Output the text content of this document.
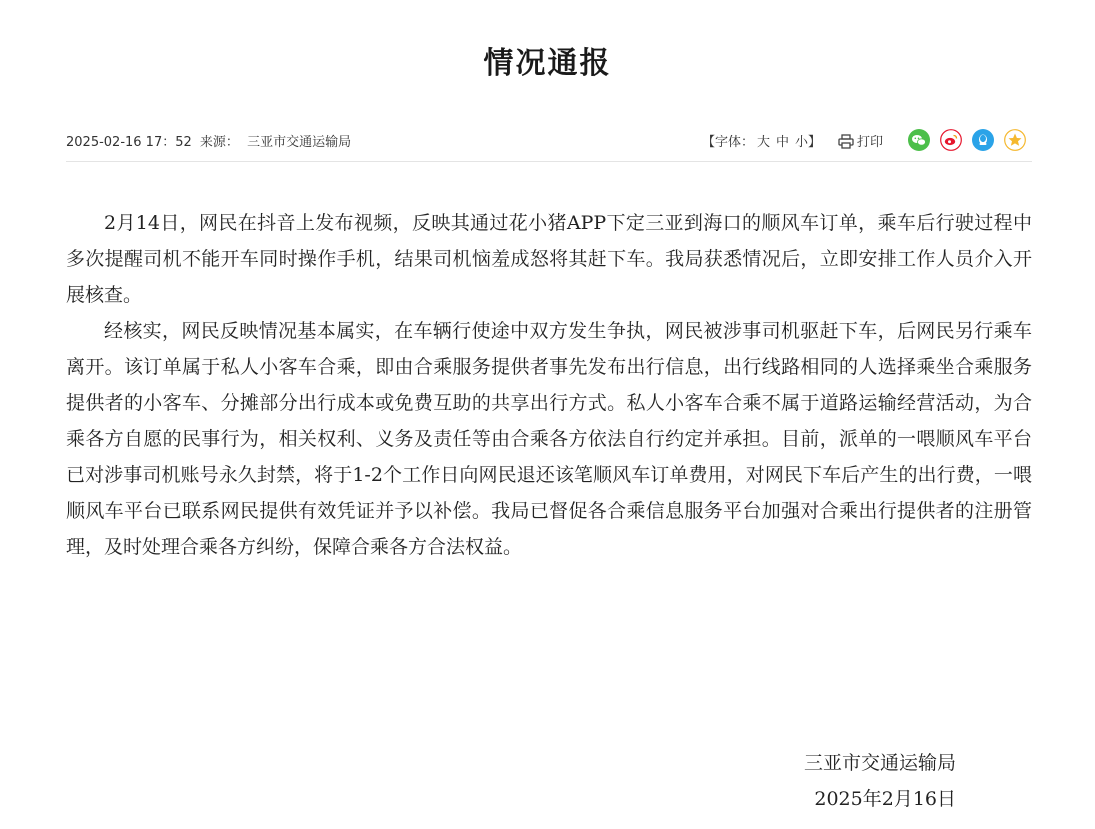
情况通报
2025-02-16 17：52 来源： 三亚市交通运输局	【字体： 大 中 小】	打印

2月14日，网民在抖音上发布视频，反映其通过花小猪APP下定三亚到海口的顺风车订单，乘车后行驶过程中多次提醒司机不能开车同时操作手机，结果司机恼羞成怒将其赶下车。我局获悉情况后，立即安排工作人员介入开展核查。

经核实，网民反映情况基本属实，在车辆行使途中双方发生争执，网民被涉事司机驱赶下车，后网民另行乘车离开。该订单属于私人小客车合乘，即由合乘服务提供者事先发布出行信息，出行线路相同的人选择乘坐合乘服务提供者的小客车、分摊部分出行成本或免费互助的共享出行方式。私人小客车合乘不属于道路运输经营活动，为合乘各方自愿的民事行为，相关权利、义务及责任等由合乘各方依法自行约定并承担。目前，派单的一喂顺风车平台已对涉事司机账号永久封禁，将于1-2个工作日向网民退还该笔顺风车订单费用，对网民下车后产生的出行费，一喂顺风车平台已联系网民提供有效凭证并予以补偿。我局已督促各合乘信息服务平台加强对合乘出行提供者的注册管理，及时处理合乘各方纠纷，保障合乘各方合法权益。

三亚市交通运输局
2025年2月16日
